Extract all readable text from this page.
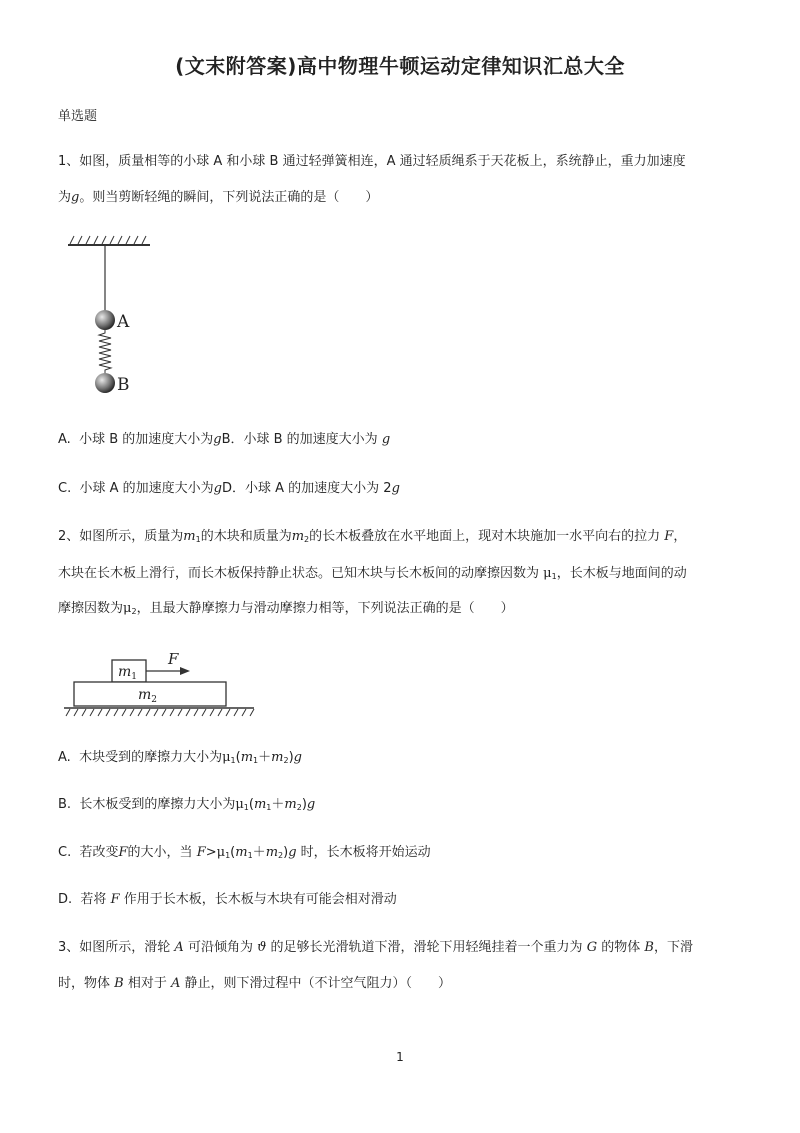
(文末附答案)高中物理牛顿运动定律知识汇总大全
单选题
1、如图，质量相等的小球 A 和小球 B 通过轻弹簧相连，A 通过轻质绳系于天花板上，系统静止，重力加速度
为g。则当剪断轻绳的瞬间，下列说法正确的是（　　）
A
B
A. 小球 B 的加速度大小为gB．小球 B 的加速度大小为 g
C. 小球 A 的加速度大小为gD．小球 A 的加速度大小为 2g
2、如图所示，质量为$m_1$的木块和质量为$m_2$的长木板叠放在水平地面上，现对木块施加一水平向右的拉力 F，
木块在长木板上滑行，而长木板保持静止状态。已知木块与长木板间的动摩擦因数为 $\mu_1$，长木板与地面间的动
摩擦因数为$\mu_2$，且最大静摩擦力与滑动摩擦力相等，下列说法正确的是（　　）
$m_1$
F
$m_2$
A. 木块受到的摩擦力大小为$\mu_1(m_1+m_2)g$
B. 长木板受到的摩擦力大小为$\mu_1(m_1+m_2)g$
C. 若改变F的大小，当 $F>\mu_1(m_1+m_2)g$ 时，长木板将开始运动
D. 若将 F 作用于长木板，长木板与木块有可能会相对滑动
3、如图所示，滑轮 A 可沿倾角为 ϑ 的足够长光滑轨道下滑，滑轮下用轻绳挂着一个重力为 G 的物体 B，下滑
时，物体 B 相对于 A 静止，则下滑过程中（不计空气阻力）（　　）
1
